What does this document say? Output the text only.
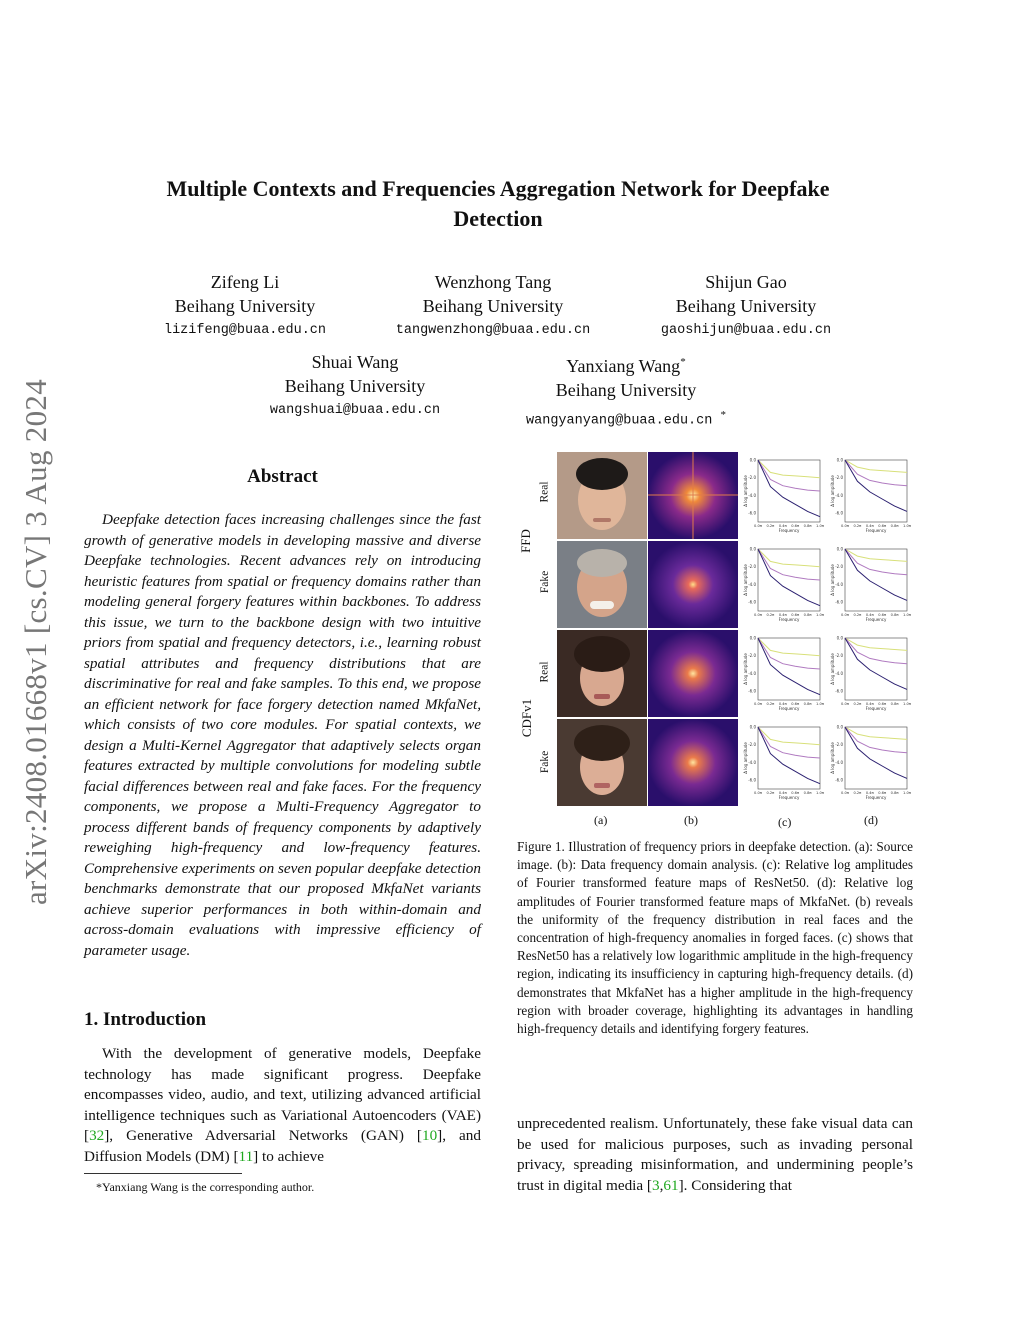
arXiv:2408.01668v1 [cs.CV] 3 Aug 2024
Multiple Contexts and Frequencies Aggregation Network for Deepfake Detection
Zifeng Li
Beihang University
lizifeng@buaa.edu.cn
Wenzhong Tang
Beihang University
tangwenzhong@buaa.edu.cn
Shijun Gao
Beihang University
gaoshijun@buaa.edu.cn
Shuai Wang
Beihang University
wangshuai@buaa.edu.cn
Yanxiang Wang*
Beihang University
wangyanyang@buaa.edu.cn *
Abstract

Deepfake detection faces increasing challenges since the fast growth of generative models in developing massive and diverse Deepfake technologies. Recent advances rely on introducing heuristic features from spatial or frequency domains rather than modeling general forgery features within backbones. To address this issue, we turn to the backbone design with two intuitive priors from spatial and frequency detectors, i.e., learning robust spatial attributes and frequency distributions that are discriminative for real and fake samples. To this end, we propose an efficient network for face forgery detection named MkfaNet, which consists of two core modules. For spatial contexts, we design a Multi-Kernel Aggregator that adaptively selects organ features extracted by multiple convolutions for modeling subtle facial differences between real and fake faces. For the frequency components, we propose a Multi-Frequency Aggregator to process different bands of frequency components by adaptively reweighing high-frequency and low-frequency features. Comprehensive experiments on seven popular deepfake detection benchmarks demonstrate that our proposed MkfaNet variants achieve superior performances in both within-domain and across-domain evaluations with impressive efficiency of parameter usage.

1. Introduction

With the development of generative models, Deepfake technology has made significant progress. Deepfake encompasses video, audio, and text, utilizing advanced artificial intelligence techniques such as Variational Autoencoders (VAE) [32], Generative Adversarial Networks (GAN) [10], and Diffusion Models (DM) [11] to achieve

*Yanxiang Wang is the corresponding author.
FFD
CDFv1
Real
Fake
Real
Fake
0.0
-2.0
-4.0
-6.0
0.0π 0.2π 0.4π 0.6π 0.8π 1.0π
Frequency
Δ log amplitude
0.0
-2.0
-4.0
-6.0
0.0π 0.2π 0.4π 0.6π 0.8π 1.0π
Frequency
Δ log amplitude
0.0
-2.0
-4.0
-6.0
0.0π 0.2π 0.4π 0.6π 0.8π 1.0π
Frequency
Δ log amplitude
0.0
-2.0
-4.0
-6.0
0.0π 0.2π 0.4π 0.6π 0.8π 1.0π
Frequency
Δ log amplitude
0.0
-2.0
-4.0
-6.0
0.0π 0.2π 0.4π 0.6π 0.8π 1.0π
Frequency
Δ log amplitude
0.0
-2.0
-4.0
-6.0
0.0π 0.2π 0.4π 0.6π 0.8π 1.0π
Frequency
Δ log amplitude
0.0
-2.0
-4.0
-6.0
0.0π 0.2π 0.4π 0.6π 0.8π 1.0π
Frequency
Δ log amplitude
0.0
-2.0
-4.0
-6.0
0.0π 0.2π 0.4π 0.6π 0.8π 1.0π
Frequency
Δ log amplitude
(a)	(b)	(c)	(d)

Figure 1. Illustration of frequency priors in deepfake detection. (a): Source image. (b): Data frequency domain analysis. (c): Relative log amplitudes of Fourier transformed feature maps of ResNet50. (d): Relative log amplitudes of Fourier transformed feature maps of MkfaNet. (b) reveals the uniformity of the frequency distribution in real faces and the concentration of high-frequency anomalies in forged faces. (c) shows that ResNet50 has a relatively low logarithmic amplitude in the high-frequency region, indicating its insufficiency in capturing high-frequency details. (d) demonstrates that MkfaNet has a higher amplitude in the high-frequency region with broader coverage, highlighting its advantages in handling high-frequency details and identifying forgery features.

unprecedented realism. Unfortunately, these fake visual data can be used for malicious purposes, such as invading personal privacy, spreading misinformation, and undermining people’s trust in digital media [3,61]. Considering that
